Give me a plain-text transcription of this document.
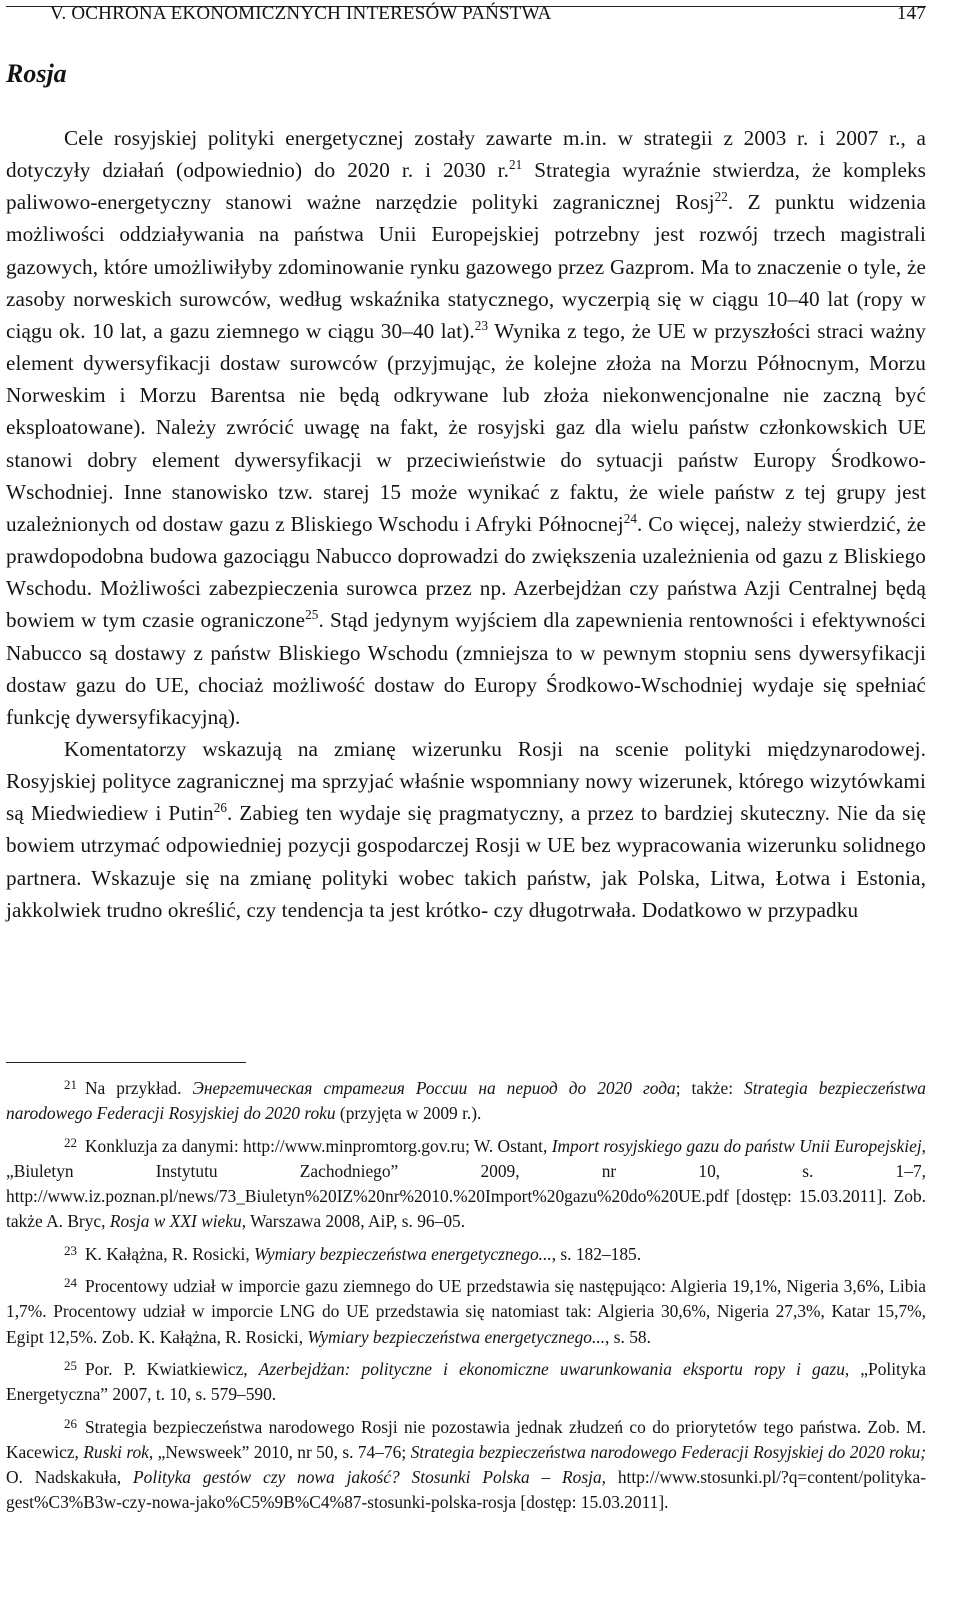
V. OCHRONA EKONOMICZNYCH INTERESÓW PAŃSTWA	147
Rosja

Cele rosyjskiej polityki energetycznej zostały zawarte m.in. w strategii z 2003 r. i 2007 r., a dotyczyły działań (odpowiednio) do 2020 r. i 2030 r.$^{21}$ Strategia wyraźnie stwierdza, że kompleks paliwowo-energetyczny stanowi ważne narzędzie polityki zagranicznej Rosj$^{22}$. Z punktu widzenia możliwości oddziaływania na państwa Unii Europejskiej potrzebny jest rozwój trzech magistrali gazowych, które umożliwiłyby zdominowanie rynku gazowego przez Gazprom. Ma to znaczenie o tyle, że zasoby norweskich surowców, według wskaźnika statycznego, wyczerpią się w ciągu 10–40 lat (ropy w ciągu ok. 10 lat, a gazu ziemnego w ciągu 30–40 lat).$^{23}$ Wynika z tego, że UE w przyszłości straci ważny element dywersyfikacji dostaw surowców (przyjmując, że kolejne złoża na Morzu Północnym, Morzu Norweskim i Morzu Barentsa nie będą odkrywane lub złoża niekonwencjonalne nie zaczną być eksploatowane). Należy zwrócić uwagę na fakt, że rosyjski gaz dla wielu państw członkowskich UE stanowi dobry element dywersyfikacji w przeciwieństwie do sytuacji państw Europy Środkowo-Wschodniej. Inne stanowisko tzw. starej 15 może wynikać z faktu, że wiele państw z tej grupy jest uzależnionych od dostaw gazu z Bliskiego Wschodu i Afryki Północnej$^{24}$. Co więcej, należy stwierdzić, że prawdopodobna budowa gazociągu Nabucco doprowadzi do zwiększenia uzależnienia od gazu z Bliskiego Wschodu. Możliwości zabezpieczenia surowca przez np. Azerbejdżan czy państwa Azji Centralnej będą bowiem w tym czasie ograniczone$^{25}$. Stąd jedynym wyjściem dla zapewnienia rentowności i efektywności Nabucco są dostawy z państw Bliskiego Wschodu (zmniejsza to w pewnym stopniu sens dywersyfikacji dostaw gazu do UE, chociaż możliwość dostaw do Europy Środkowo-Wschodniej wydaje się spełniać funkcję dywersyfikacyjną).

Komentatorzy wskazują na zmianę wizerunku Rosji na scenie polityki międzynarodowej. Rosyjskiej polityce zagranicznej ma sprzyjać właśnie wspomniany nowy wizerunek, którego wizytówkami są Miedwiediew i Putin$^{26}$. Zabieg ten wydaje się pragmatyczny, a przez to bardziej skuteczny. Nie da się bowiem utrzymać odpowiedniej pozycji gospodarczej Rosji w UE bez wypracowania wizerunku solidnego partnera. Wskazuje się na zmianę polityki wobec takich państw, jak Polska, Litwa, Łotwa i Estonia, jakkolwiek trudno określić, czy tendencja ta jest krótko- czy długotrwała. Dodatkowo w przypadku

$^{21}$ Na przykład. Энергетическая стратегия России на период до 2020 года; także: Strategia bezpieczeństwa narodowego Federacji Rosyjskiej do 2020 roku (przyjęta w 2009 r.).

$^{22}$ Konkluzja za danymi: http://www.minpromtorg.gov.ru; W. Ostant, Import rosyjskiego gazu do państw Unii Europejskiej, „Biuletyn Instytutu Zachodniego” 2009, nr 10, s. 1–7, http://www.iz.poznan.pl/news/73_Biuletyn%20IZ%20nr%2010.%20Import%20gazu%20do%20UE.pdf [dostęp: 15.03.2011]. Zob. także A. Bryc, Rosja w XXI wieku, Warszawa 2008, AiP, s. 96–05.

$^{23}$ K. Kałążna, R. Rosicki, Wymiary bezpieczeństwa energetycznego..., s. 182–185.

$^{24}$ Procentowy udział w imporcie gazu ziemnego do UE przedstawia się następująco: Algieria 19,1%, Nigeria 3,6%, Libia 1,7%. Procentowy udział w imporcie LNG do UE przedstawia się natomiast tak: Algieria 30,6%, Nigeria 27,3%, Katar 15,7%, Egipt 12,5%. Zob. K. Kałążna, R. Rosicki, Wymiary bezpieczeństwa energetycznego..., s. 58.

$^{25}$ Por. P. Kwiatkiewicz, Azerbejdżan: polityczne i ekonomiczne uwarunkowania eksportu ropy i gazu, „Polityka Energetyczna” 2007, t. 10, s. 579–590.

$^{26}$ Strategia bezpieczeństwa narodowego Rosji nie pozostawia jednak złudzeń co do priorytetów tego państwa. Zob. M. Kacewicz, Ruski rok, „Newsweek” 2010, nr 50, s. 74–76; Strategia bezpieczeństwa narodowego Federacji Rosyjskiej do 2020 roku; O. Nadskakuła, Polityka gestów czy nowa jakość? Stosunki Polska – Rosja, http://www.stosunki.pl/?q=content/polityka-gest%C3%B3w-czy-nowa-jako%C5%9B%C4%87-stosunki-polska-rosja [dostęp: 15.03.2011].
